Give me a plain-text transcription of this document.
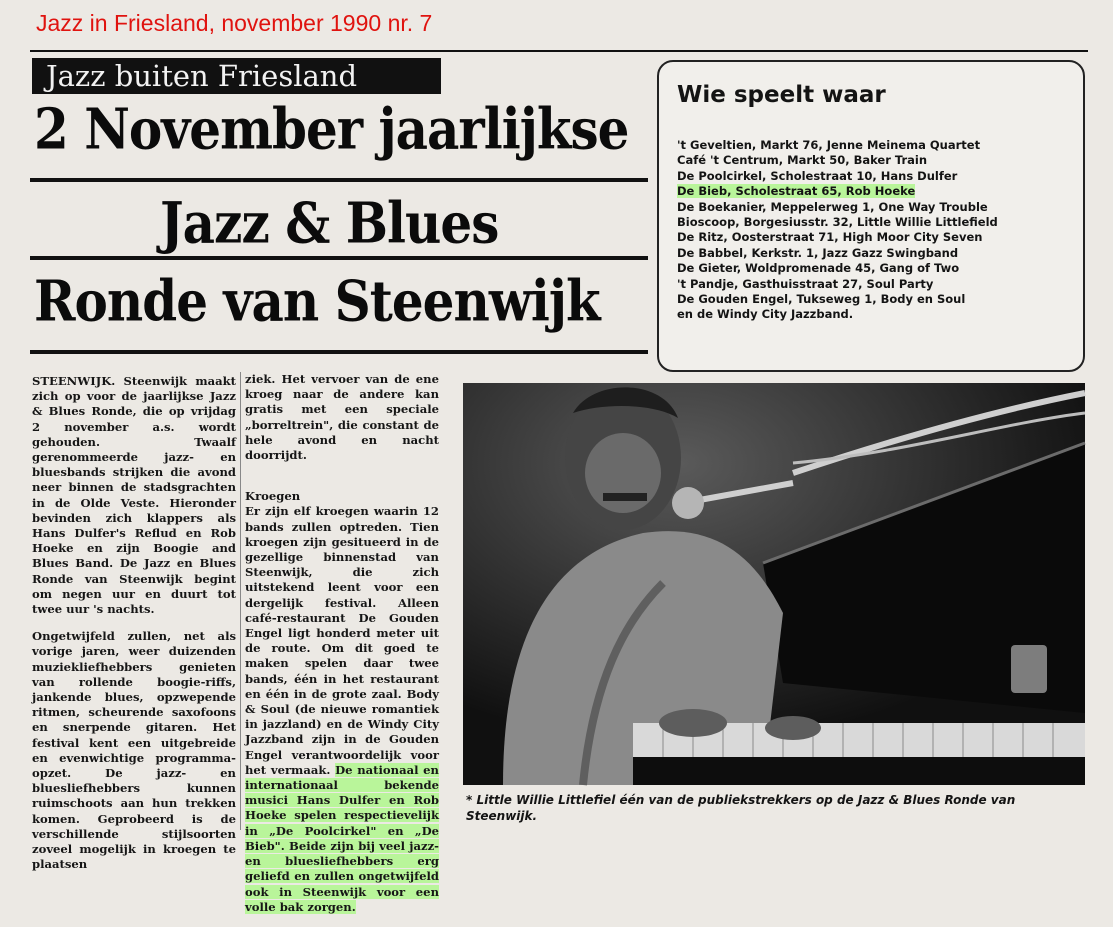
Jazz in Friesland, november 1990 nr. 7
Jazz buiten Friesland
2 November jaarlijkse
Jazz & Blues
Ronde van Steenwijk
Wie speelt waar
't Geveltien, Markt 76, Jenne Meinema Quartet
Café 't Centrum, Markt 50, Baker Train
De Poolcirkel, Scholestraat 10, Hans Dulfer
De Bieb, Scholestraat 65, Rob Hoeke
De Boekanier, Meppelerweg 1, One Way Trouble
Bioscoop, Borgesiusstr. 32, Little Willie Littlefield
De Ritz, Oosterstraat 71, High Moor City Seven
De Babbel, Kerkstr. 1, Jazz Gazz Swingband
De Gieter, Woldpromenade 45, Gang of Two
't Pandje, Gasthuisstraat 27, Soul Party
De Gouden Engel, Tukseweg 1, Body en Soul
en de Windy City Jazzband.

STEENWIJK. Steenwijk maakt zich op voor de jaarlijkse Jazz & Blues Ronde, die op vrijdag 2 november a.s. wordt gehouden. Twaalf gerenommeerde jazz- en bluesbands strijken die avond neer binnen de stadsgrachten in de Olde Veste. Hieronder bevinden zich klappers als Hans Dulfer's Reflud en Rob Hoeke en zijn Boogie and Blues Band. De Jazz en Blues Ronde van Steenwijk begint om negen uur en duurt tot twee uur 's nachts.

Ongetwijfeld zullen, net als vorige jaren, weer duizenden muziekliefhebbers genieten van rollende boogie-riffs, jankende blues, opzwepende ritmen, scheurende saxofoons en snerpende gitaren. Het festival kent een uitgebreide en evenwichtige programma-opzet. De jazz- en bluesliefhebbers kunnen ruimschoots aan hun trekken komen. Geprobeerd is de verschillende stijlsoorten zoveel mogelijk in kroegen te plaatsen

ziek. Het vervoer van de ene kroeg naar de andere kan gratis met een speciale „borreltrein", die constant de hele avond en nacht doorrijdt.

Kroegen

Er zijn elf kroegen waarin 12 bands zullen optreden. Tien kroegen zijn gesitueerd in de gezellige binnenstad van Steenwijk, die zich uitstekend leent voor een dergelijk festival. Alleen café-restaurant De Gouden Engel ligt honderd meter uit de route. Om dit goed te maken spelen daar twee bands, één in het restaurant en één in de grote zaal. Body & Soul (de nieuwe romantiek in jazzland) en de Windy City Jazzband zijn in de Gouden Engel verantwoordelijk voor het vermaak. De nationaal en internationaal bekende musici Hans Dulfer en Rob Hoeke spelen respectievelijk in „De Poolcirkel" en „De Bieb". Beide zijn bij veel jazz- en bluesliefhebbers erg geliefd en zullen ongetwijfeld ook in Steenwijk voor een volle bak zorgen.

* Little Willie Littlefiel één van de publiekstrekkers op de Jazz & Blues Ronde van Steenwijk.
